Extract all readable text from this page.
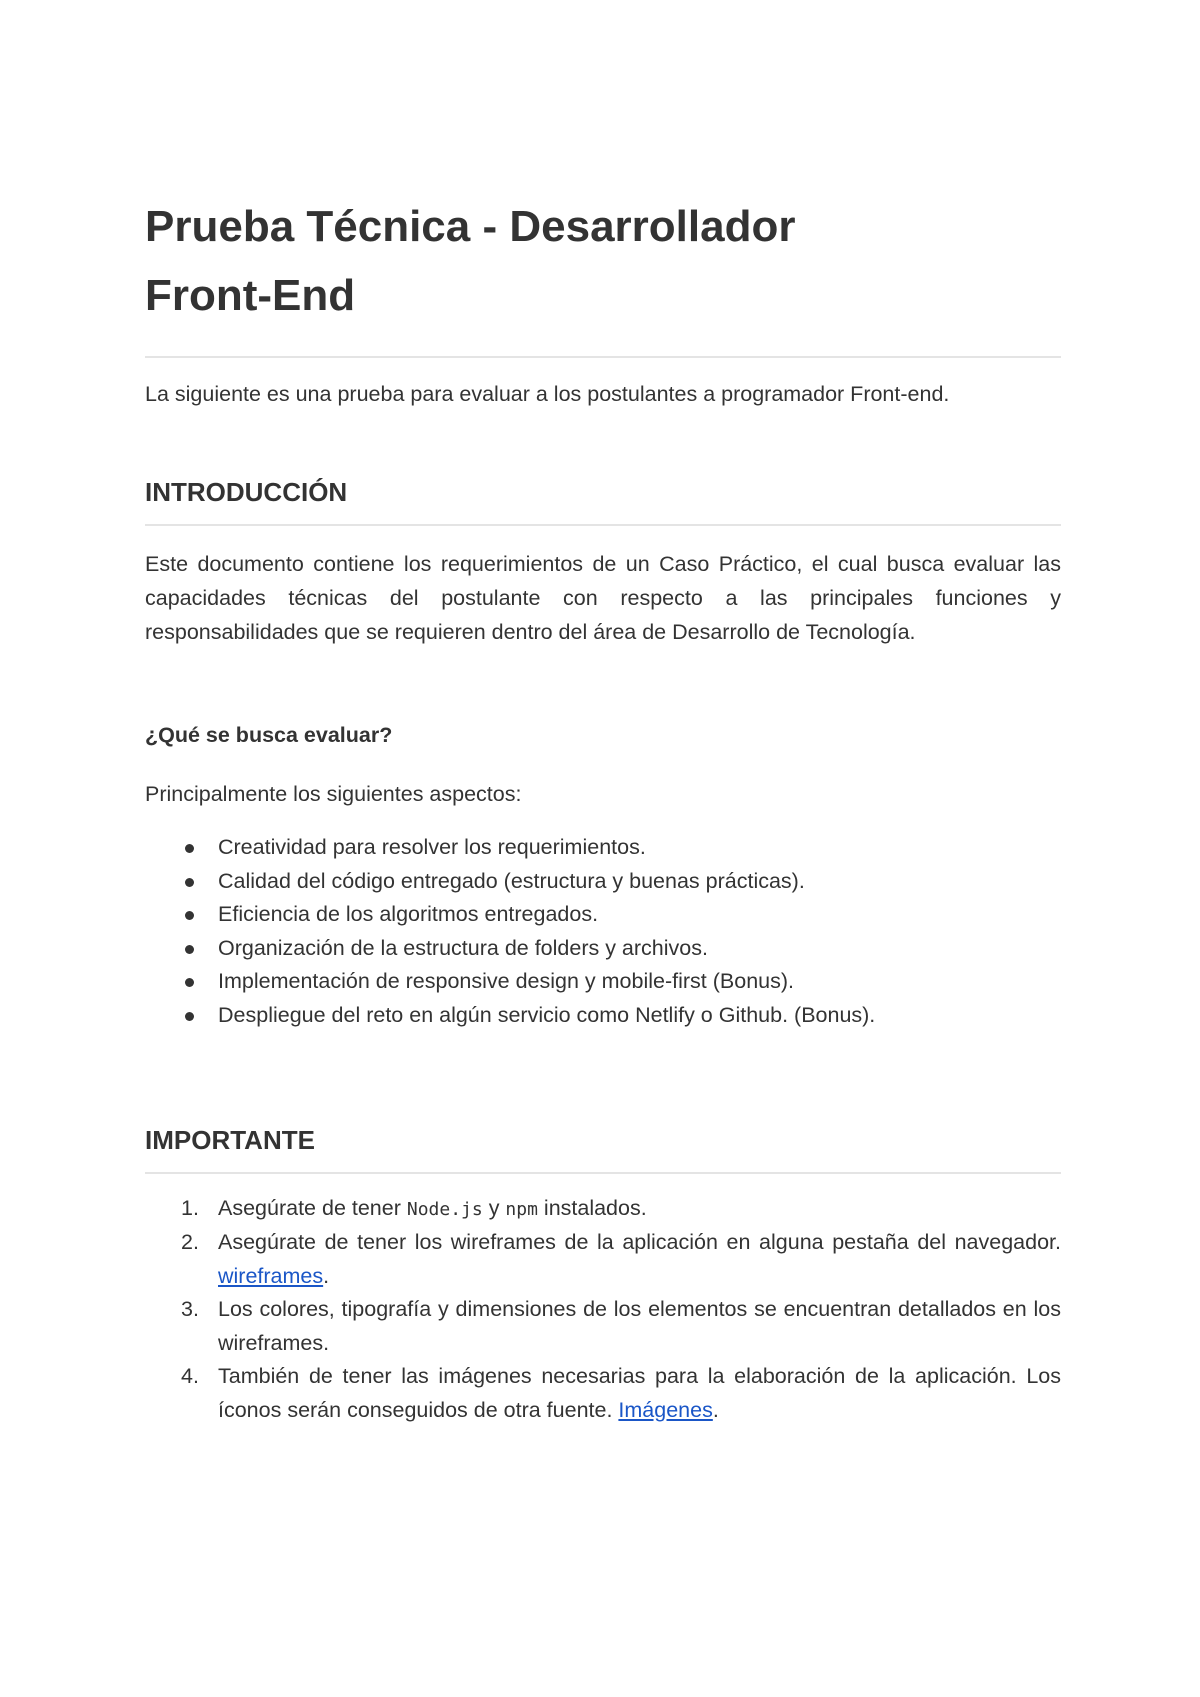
Prueba Técnica - Desarrollador
Front-End

La siguiente es una prueba para evaluar a los postulantes a programador Front-end.

INTRODUCCIÓN

Este documento contiene los requerimientos de un Caso Práctico, el cual busca evaluar las capacidades técnicas del postulante con respecto a las principales funciones y responsabilidades que se requieren dentro del área de Desarrollo de Tecnología.

¿Qué se busca evaluar?

Principalmente los siguientes aspectos:

Creatividad para resolver los requerimientos.
Calidad del código entregado (estructura y buenas prácticas).
Eficiencia de los algoritmos entregados.
Organización de la estructura de folders y archivos.
Implementación de responsive design y mobile-first (Bonus).
Despliegue del reto en algún servicio como Netlify o Github. (Bonus).
IMPORTANTE
1. Asegúrate de tener Node.js y npm instalados.
2. Asegúrate de tener los wireframes de la aplicación en alguna pestaña del navegador. wireframes.
3. Los colores, tipografía y dimensiones de los elementos se encuentran detallados en los wireframes.
4. También de tener las imágenes necesarias para la elaboración de la aplicación. Los íconos serán conseguidos de otra fuente. Imágenes.
